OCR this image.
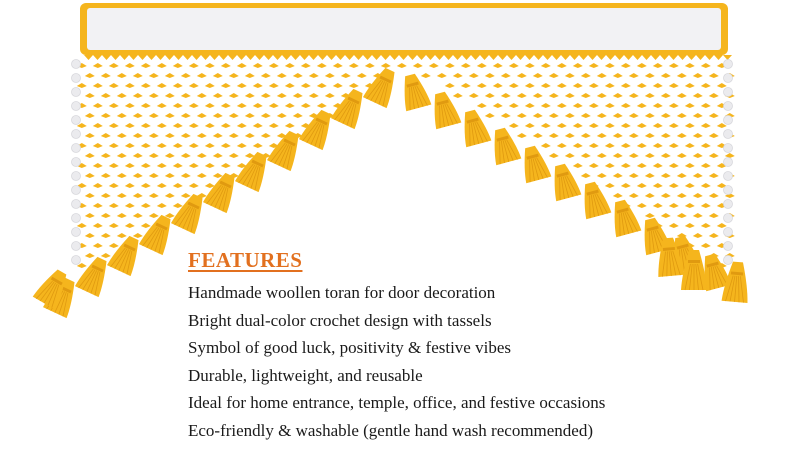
FEATURES
Handmade woollen toran for door decoration
Bright dual-color crochet design with tassels
Symbol of good luck, positivity & festive vibes
Durable, lightweight, and reusable
Ideal for home entrance, temple, office, and festive occasions
Eco-friendly & washable (gentle hand wash recommended)
